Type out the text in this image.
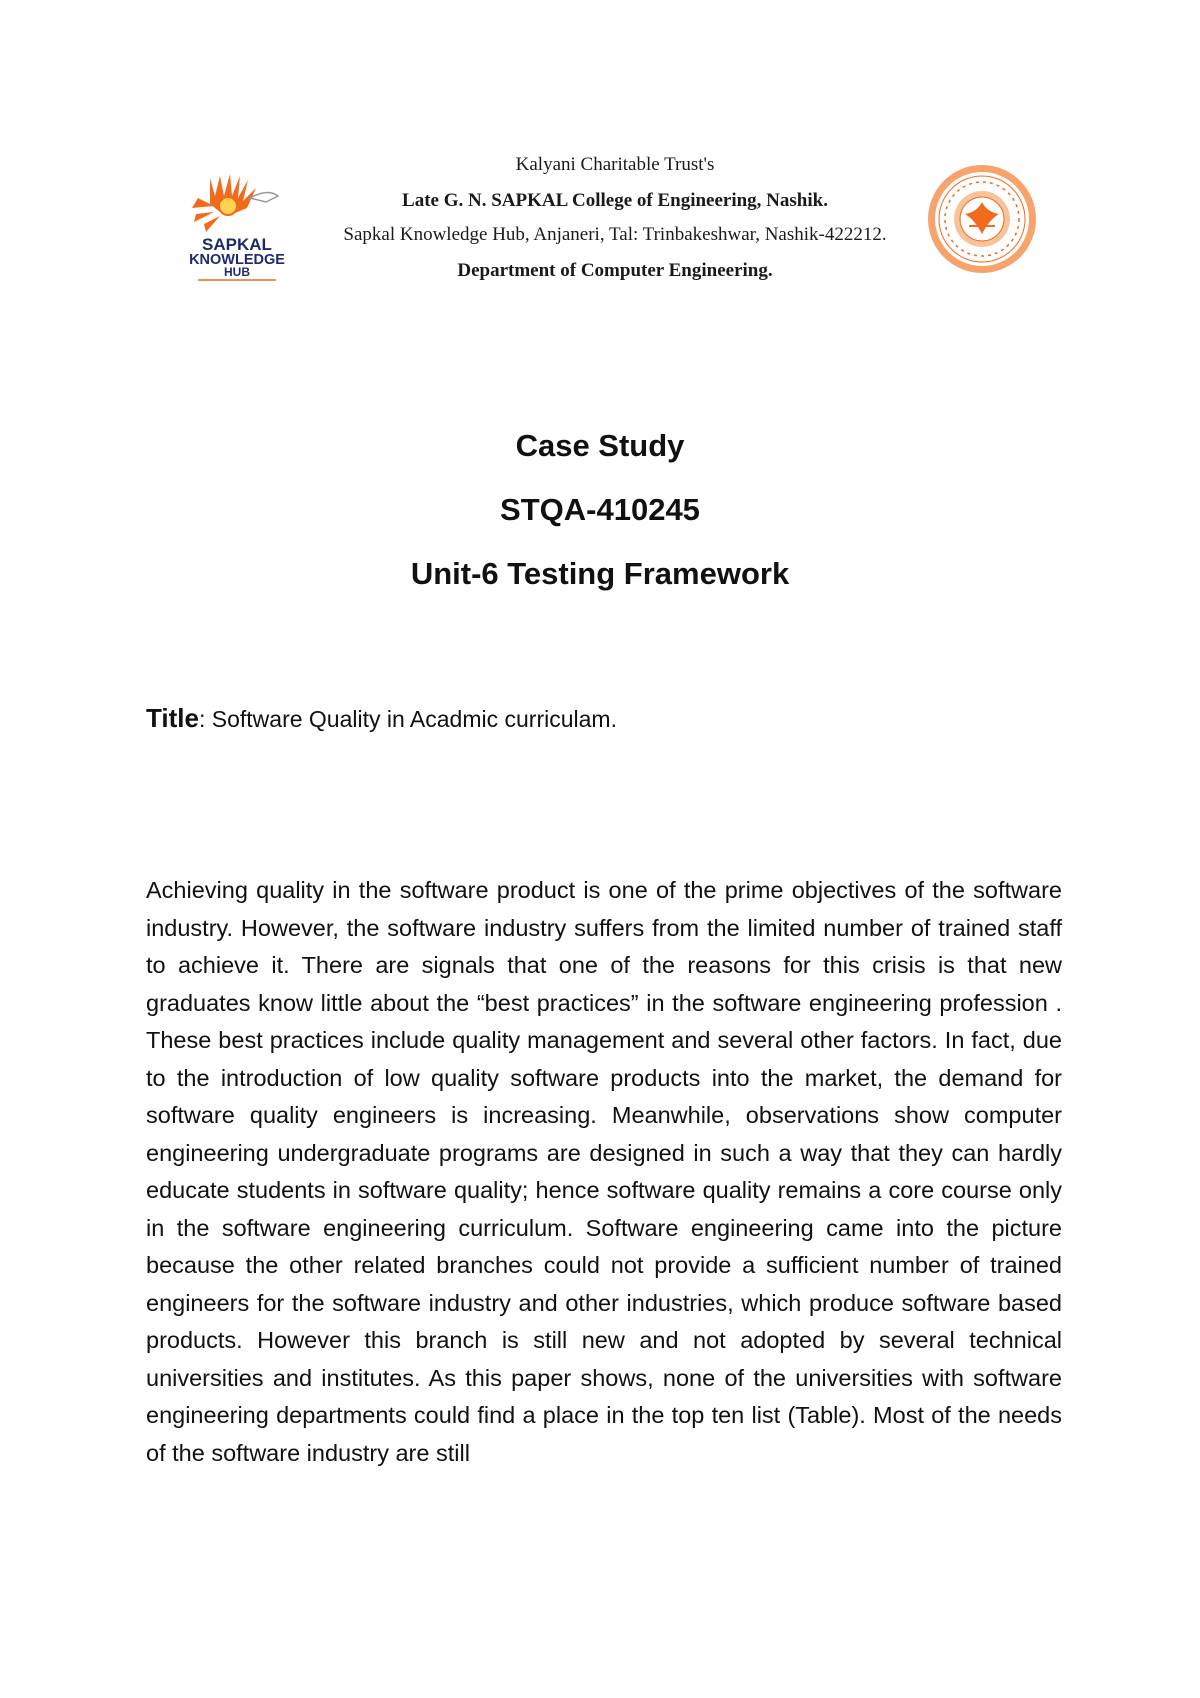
SAPKAL
KNOWLEDGE
HUB
Kalyani Charitable Trust's
Late G. N. SAPKAL College of Engineering, Nashik.
Sapkal Knowledge Hub, Anjaneri, Tal: Trinbakeshwar, Nashik-422212.
Department of Computer Engineering.
Case Study
STQA-410245
Unit-6 Testing Framework
Title: Software Quality in Acadmic curriculam.
Achieving quality in the software product is one of the prime objectives of the software industry. However, the software industry suffers from the limited number of trained staff to achieve it. There are signals that one of the reasons for this crisis is that new graduates know little about the “best practices” in the software engineering profession . These best practices include quality management and several other factors. In fact, due to the introduction of low quality software products into the market, the demand for software quality engineers is increasing. Meanwhile, observations show computer engineering undergraduate programs are designed in such a way that they can hardly educate students in software quality; hence software quality remains a core course only in the software engineering curriculum. Software engineering came into the picture because the other related branches could not provide a sufficient number of trained engineers for the software industry and other industries, which produce software based products. However this branch is still new and not adopted by several technical universities and institutes. As this paper shows, none of the universities with software engineering departments could find a place in the top ten list (Table). Most of the needs of the software industry are still
